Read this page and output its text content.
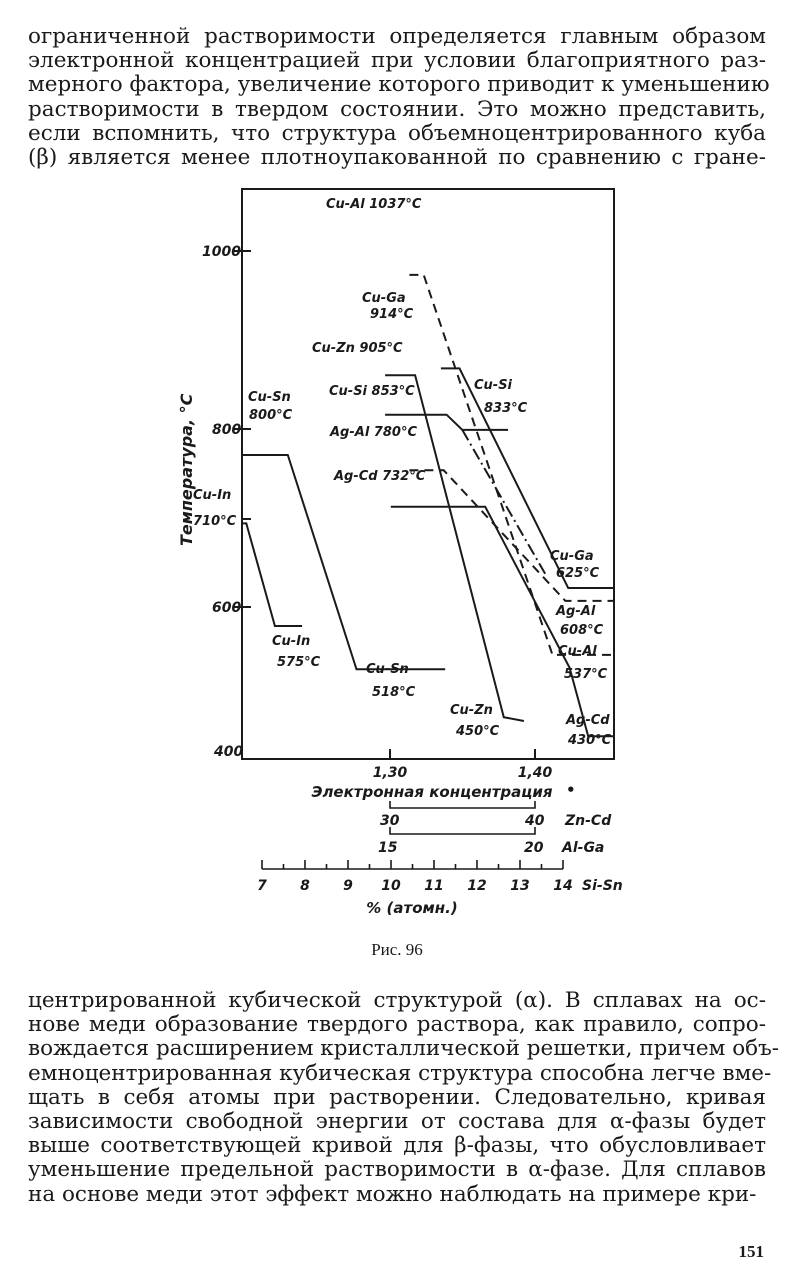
ограниченной растворимости определяется главным образом
электронной концентрацией при условии благоприятного раз-
мерного фактора, увеличение которого приводит к уменьшению
растворимости в твердом состоянии. Это можно представить,
если вспомнить, что структура объемноцентрированного куба
(β) является менее плотноупакованной по сравнению с гране-
1000
800
600
400
Температура, °C
1,30	1,40
Электронная концентрация •
Cu-Al 1037°C
Cu-Ga
914°C
Cu-Zn 905°C
Cu-Si 853°C	Cu-Si
833°C
Ag-Al 780°C
Ag-Cd 732°C
Cu-Sn
800°C
Cu-In
710°C
Cu-Ga
625°C
Ag-Al
608°C
Cu-Al
537°C
Ag-Cd
430°C
Cu-In
575°C	Cu-Sn
518°C
Cu-Zn
450°C
30	40 Zn-Cd
15	20 Al-Ga
7 8 9 10 11 12 13 14 Si-Sn
% (атомн.)
Рис. 96
центрированной кубической структурой (α). В сплавах на ос-
нове меди образование твердого раствора, как правило, сопро-
вождается расширением кристаллической решетки, причем объ-
емноцентрированная кубическая структура способна легче вме-
щать в себя атомы при растворении. Следовательно, кривая
зависимости свободной энергии от состава для α-фазы будет
выше соответствующей кривой для β-фазы, что обусловливает
уменьшение предельной растворимости в α-фазе. Для сплавов
на основе меди этот эффект можно наблюдать на примере кри-
151
